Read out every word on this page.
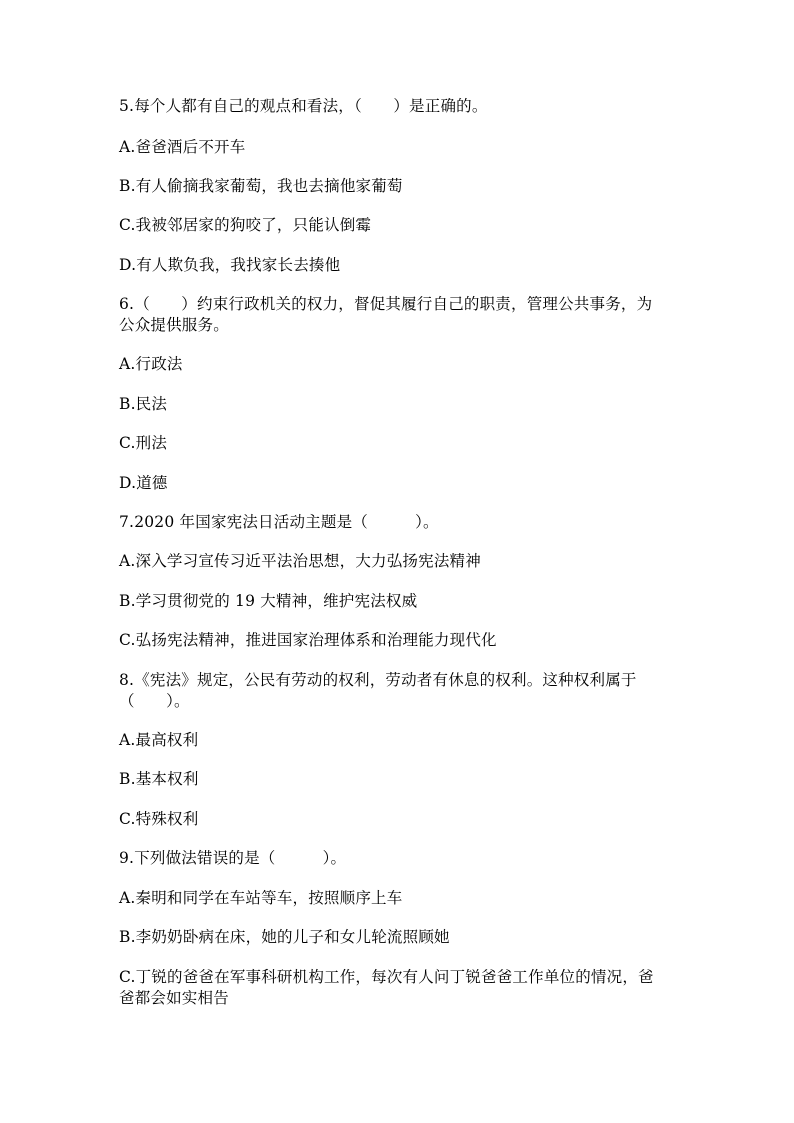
5.每个人都有自己的观点和看法，（　　）是正确的。
A.爸爸酒后不开车
B.有人偷摘我家葡萄，我也去摘他家葡萄
C.我被邻居家的狗咬了，只能认倒霉
D.有人欺负我，我找家长去揍他
6.（　　）约束行政机关的权力，督促其履行自己的职责，管理公共事务，为
公众提供服务。
A.行政法
B.民法
C.刑法
D.道德
7.2020 年国家宪法日活动主题是（　　　）。
A.深入学习宣传习近平法治思想，大力弘扬宪法精神
B.学习贯彻党的 19 大精神，维护宪法权威
C.弘扬宪法精神，推进国家治理体系和治理能力现代化
8.《宪法》规定，公民有劳动的权利，劳动者有休息的权利。这种权利属于
（　　）。
A.最高权利
B.基本权利
C.特殊权利
9.下列做法错误的是（　　　）。
A.秦明和同学在车站等车，按照顺序上车
B.李奶奶卧病在床，她的儿子和女儿轮流照顾她
C.丁锐的爸爸在军事科研机构工作，每次有人问丁锐爸爸工作单位的情况，爸
爸都会如实相告
